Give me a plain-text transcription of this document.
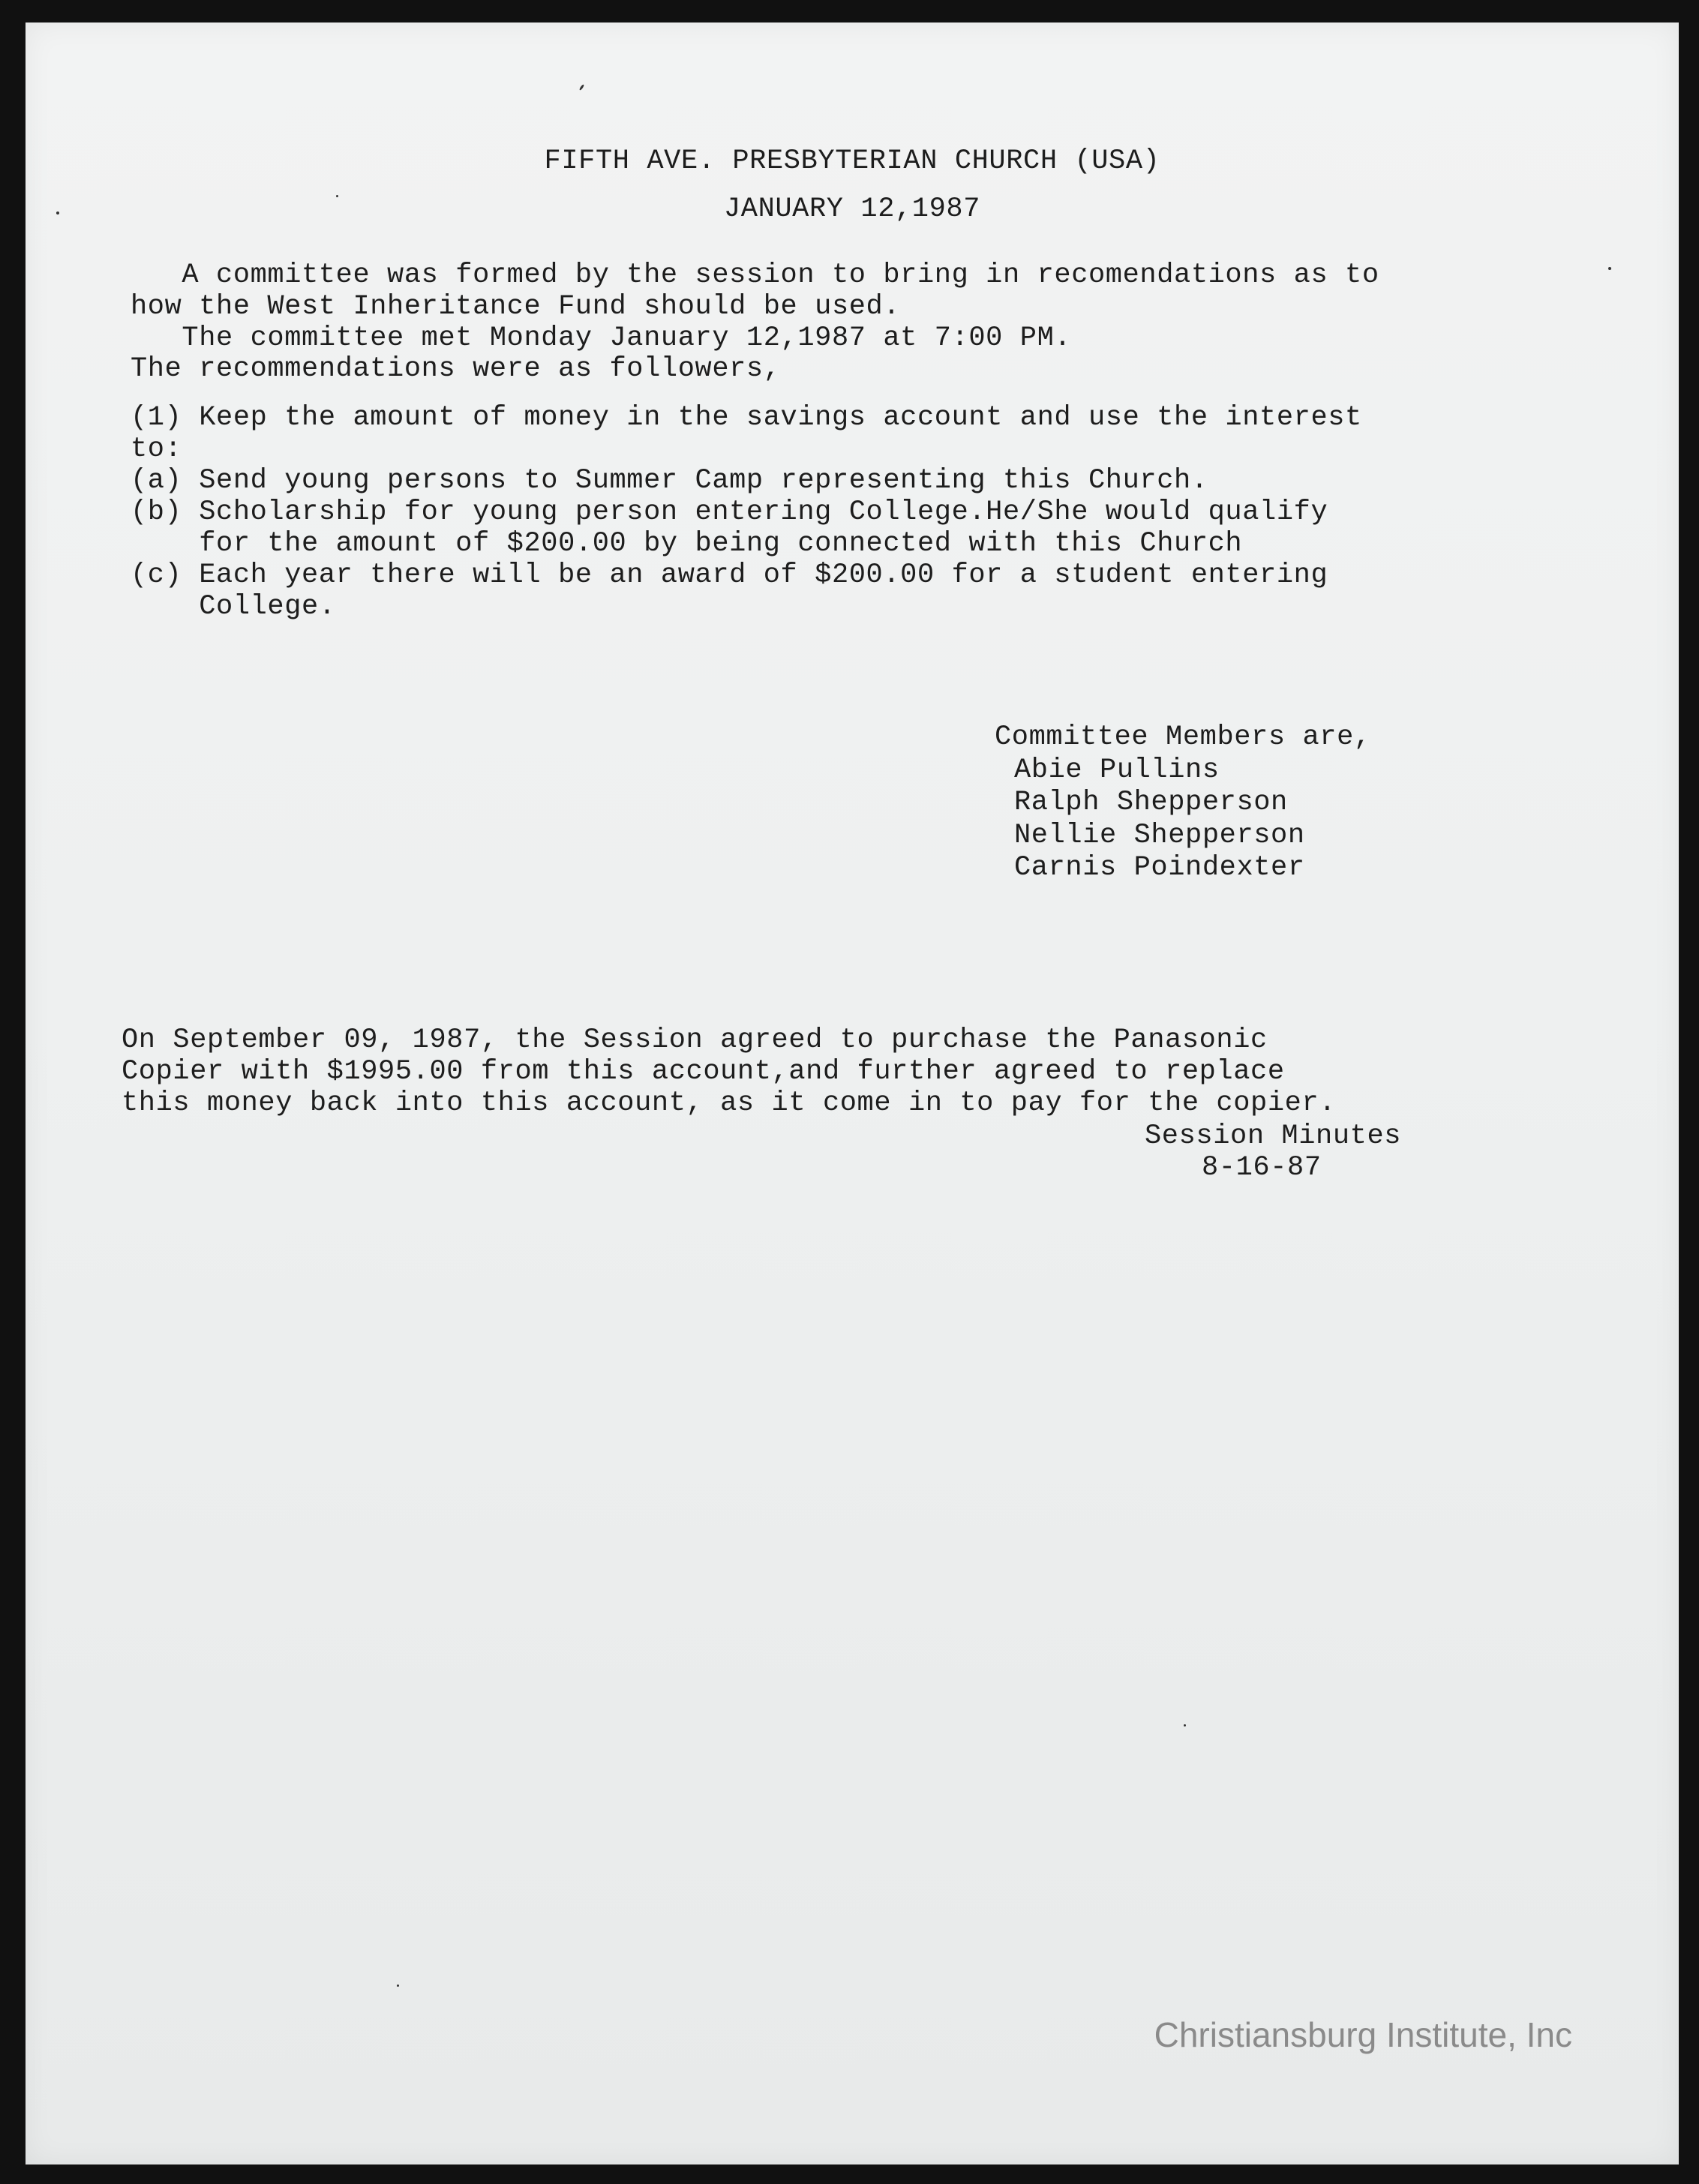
FIFTH AVE. PRESBYTERIAN CHURCH (USA)
JANUARY 12,1987
A committee was formed by the session to bring in recomendations as to
how the West Inheritance Fund should be used.
The committee met Monday January 12,1987 at 7:00 PM.
The recommendations were as followers,
(1) Keep the amount of money in the savings account and use the interest
to:
(a) Send young persons to Summer Camp representing this Church.
(b) Scholarship for young person entering College.He/She would qualify
for the amount of $200.00 by being connected with this Church
(c) Each year there will be an award of $200.00 for a student entering
College.
Committee Members are,
Abie Pullins
Ralph Shepperson
Nellie Shepperson
Carnis Poindexter
On September 09, 1987, the Session agreed to purchase the Panasonic
Copier with $1995.00 from this account,and further agreed to replace
this money back into this account, as it come in to pay for the copier.
Session Minutes
8-16-87
Christiansburg Institute, Inc
